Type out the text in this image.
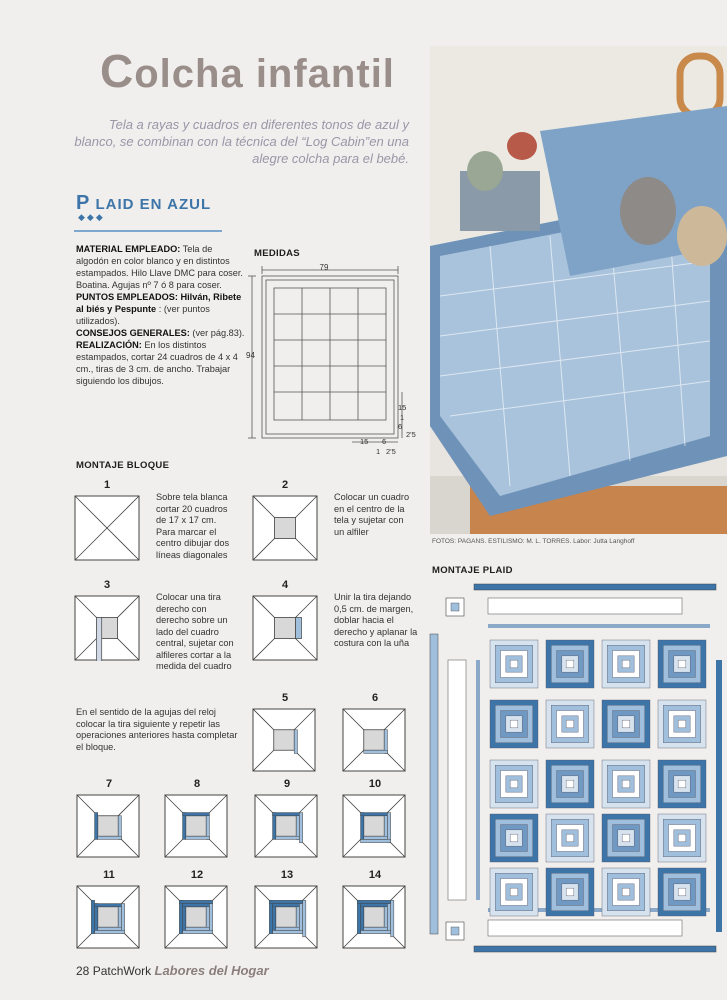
Colcha infantil
Tela a rayas y cuadros en diferentes tonos de azul y blanco, se combinan con la técnica del “Log Cabin”en una alegre colcha para el bebé.
P LAID EN AZUL
◆◆◆
MATERIAL EMPLEADO: Tela de algodón en color blanco y en distintos estampados. Hilo Llave DMC para coser. Boatina. Agujas nº 7 ó 8 para coser.
PUNTOS EMPLEADOS: Hilván, Ribete al biés y Pespunte : (ver puntos utilizados).
CONSEJOS GENERALES: (ver pág.83).
REALIZACIÓN: En los distintos estampados, cortar 24 cuadros de 4 x 4 cm., tiras de 3 cm. de ancho. Trabajar siguiendo los dibujos.
MEDIDAS
79
94
15
1
6
2'5
15 6
1 2'5
FOTOS: PAGANS. ESTILISMO: M. L. TORRES. Labor: Jutta Langhoff
MONTAJE BLOQUE
1
Sobre tela blanca cortar 20 cuadros de 17 x 17 cm. Para marcar el centro dibujar dos líneas diagonales
2
Colocar un cuadro en el centro de la tela y sujetar con un alfiler
3
Colocar una tira derecho con derecho sobre un lado del cuadro central, sujetar con alfileres cortar a la medida del cuadro
4
Unir la tira dejando 0,5 cm. de margen, doblar hacia el derecho y aplanar la costura con la uña
5	6
7	8	9	10
11	12	13	14
En el sentido de la agujas del reloj colocar la tira siguiente y repetir las operaciones anteriores hasta completar el bloque.
MONTAJE PLAID
28 PatchWork Labores del Hogar
